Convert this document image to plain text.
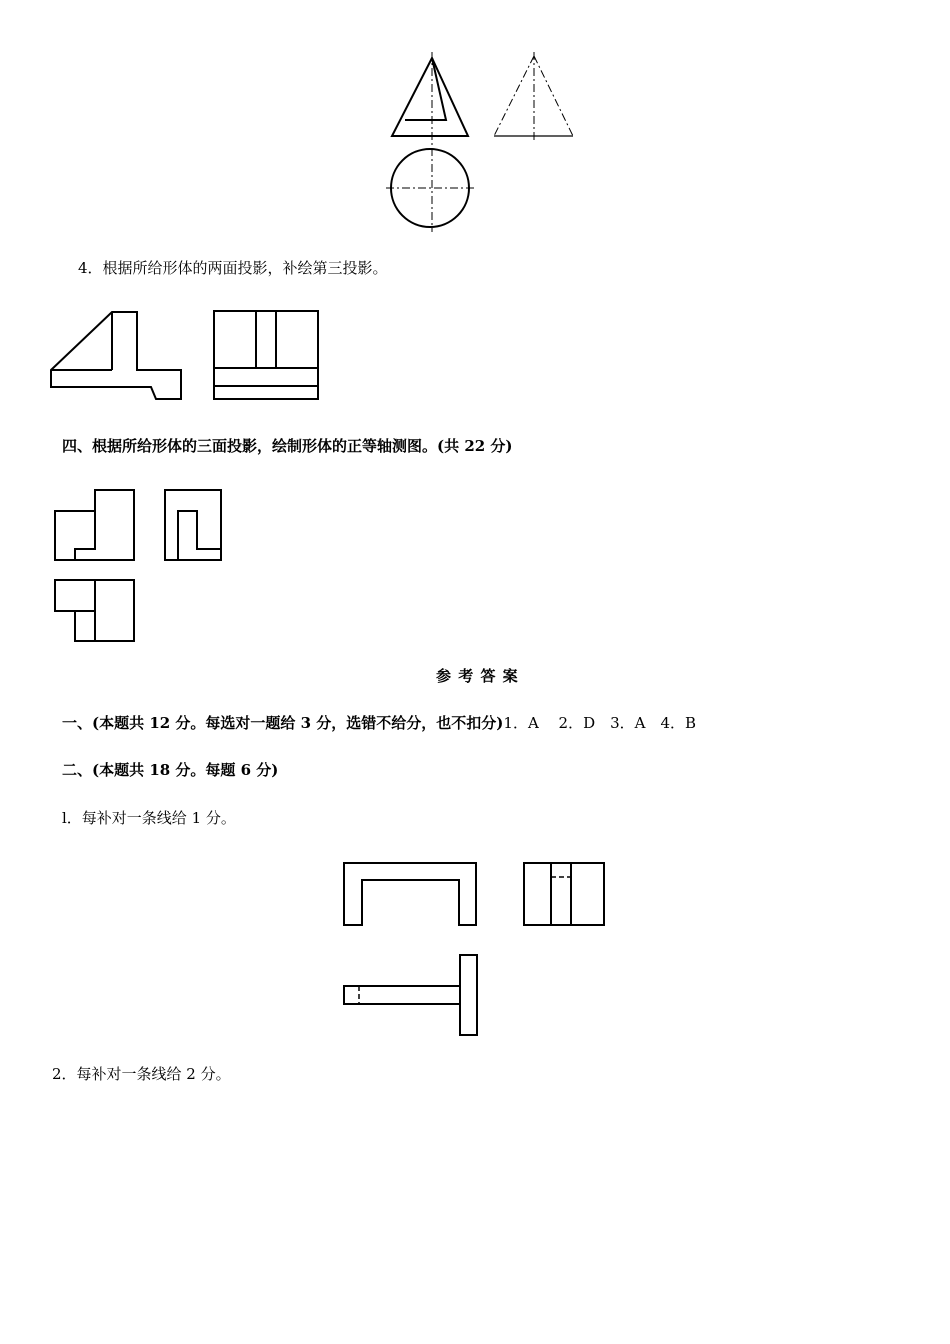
4．根据所给形体的两面投影，补绘第三投影。
四、根据所给形体的三面投影，绘制形体的正等轴测图。(共 22 分)
参 考 答 案
一、(本题共 12 分。每选对一题给 3 分，选错不给分，也不扣分)1．A　 2．D　3．A　4．B
二、(本题共 18 分。每题 6 分)
l．每补对一条线给 1 分。
2．每补对一条线给 2 分。
